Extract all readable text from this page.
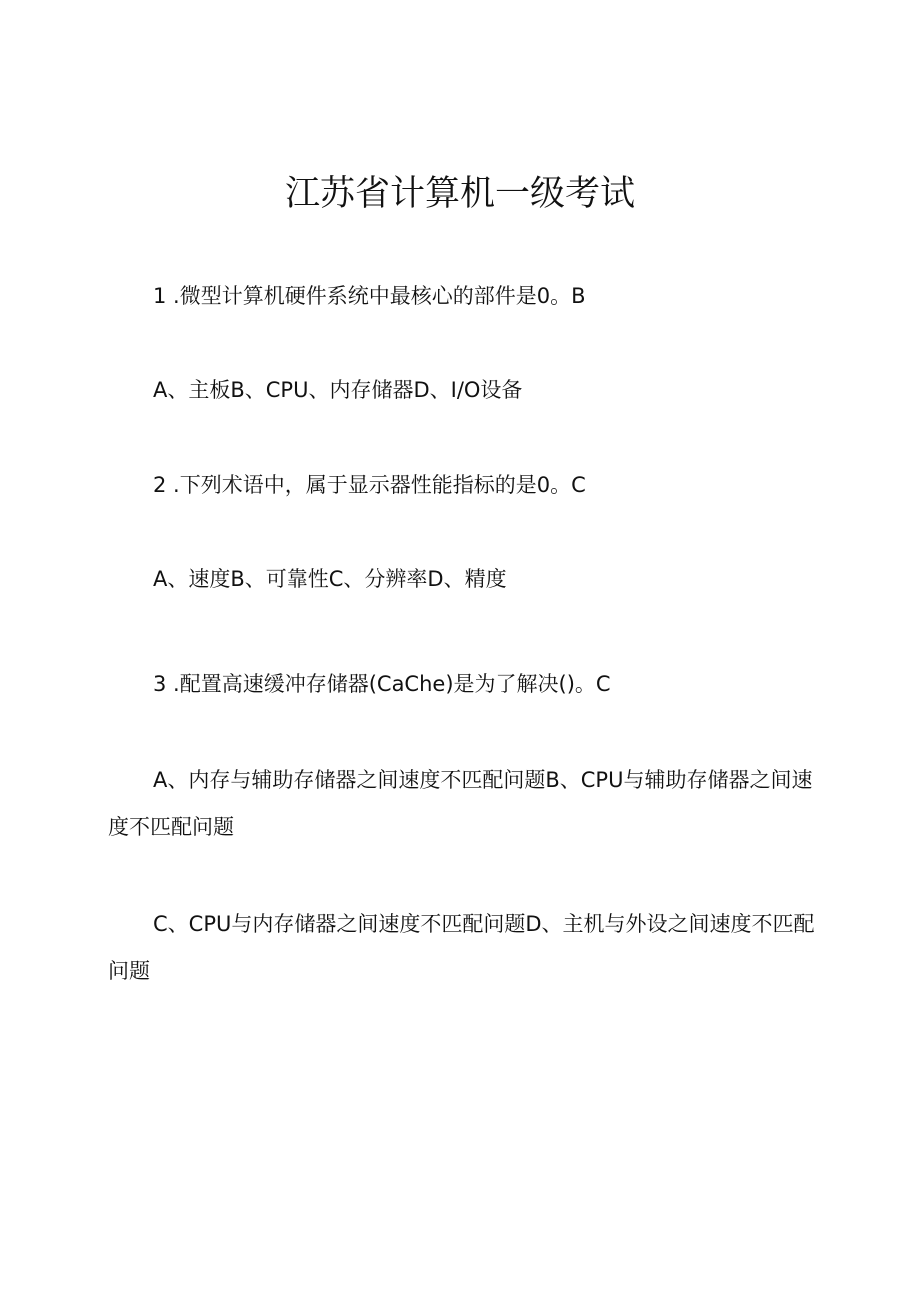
江苏省计算机一级考试

1 .微型计算机硬件系统中最核心的部件是0。B

A、主板B、CPU、内存储器D、I/O设备

2 .下列术语中，属于显示器性能指标的是0。C

A、速度B、可靠性C、分辨率D、精度

3 .配置高速缓冲存储器(CaChe)是为了解决()。C

A、内存与辅助存储器之间速度不匹配问题B、CPU与辅助存储器之间速度不匹配问题

C、CPU与内存储器之间速度不匹配问题D、主机与外设之间速度不匹配问题
